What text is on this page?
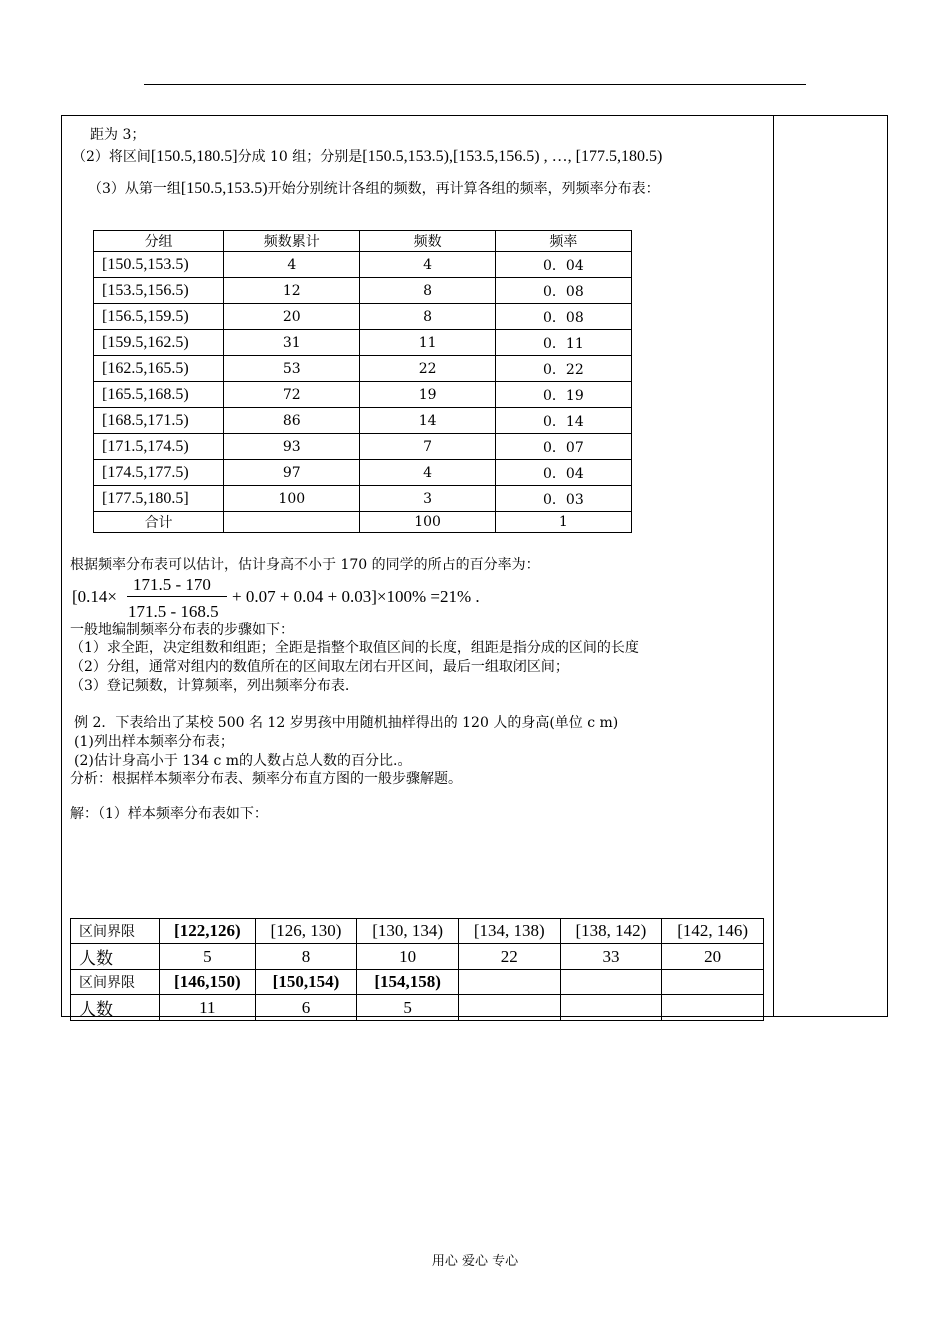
距为 3；
（2）将区间[150.5,180.5]分成 10 组；分别是[150.5,153.5),[153.5,156.5) , …, [177.5,180.5)
（3）从第一组[150.5,153.5)开始分别统计各组的频数，再计算各组的频率，列频率分布表：
分组	频数累计	频数	频率
[150.5,153.5)	4	4	0．04
[153.5,156.5)	12	8	0．08
[156.5,159.5)	20	8	0．08
[159.5,162.5)	31	11	0．11
[162.5,165.5)	53	22	0．22
[165.5,168.5)	72	19	0．19
[168.5,171.5)	86	14	0．14
[171.5,174.5)	93	7	0．07
[174.5,177.5)	97	4	0．04
[177.5,180.5]	100	3	0．03
合计		100	1
根据频率分布表可以估计，估计身高不小于 170 的同学的所占的百分率为：
[0.14×
171.5 - 170
171.5 - 168.5
+ 0.07 + 0.04 + 0.03]×100% =21% .
一般地编制频率分布表的步骤如下：
（1）求全距，决定组数和组距；全距是指整个取值区间的长度，组距是指分成的区间的长度
（2）分组，通常对组内的数值所在的区间取左闭右开区间，最后一组取闭区间；
（3）登记频数，计算频率，列出频率分布表.
例 2．下表给出了某校 500 名 12 岁男孩中用随机抽样得出的 120 人的身高(单位 c m)
(1)列出样本频率分布表；
(2)估计身高小于 134 c m的人数占总人数的百分比.。
分析：根据样本频率分布表、频率分布直方图的一般步骤解题。
解：（1）样本频率分布表如下：
区间界限	[122,126)	[126, 130)	[130, 134)	[134, 138)	[138, 142)	[142, 146)
人数	5	8	10	22	33	20
区间界限	[146,150)	[150,154)	[154,158)			
人数	11	6	5			
用心 爱心 专心
